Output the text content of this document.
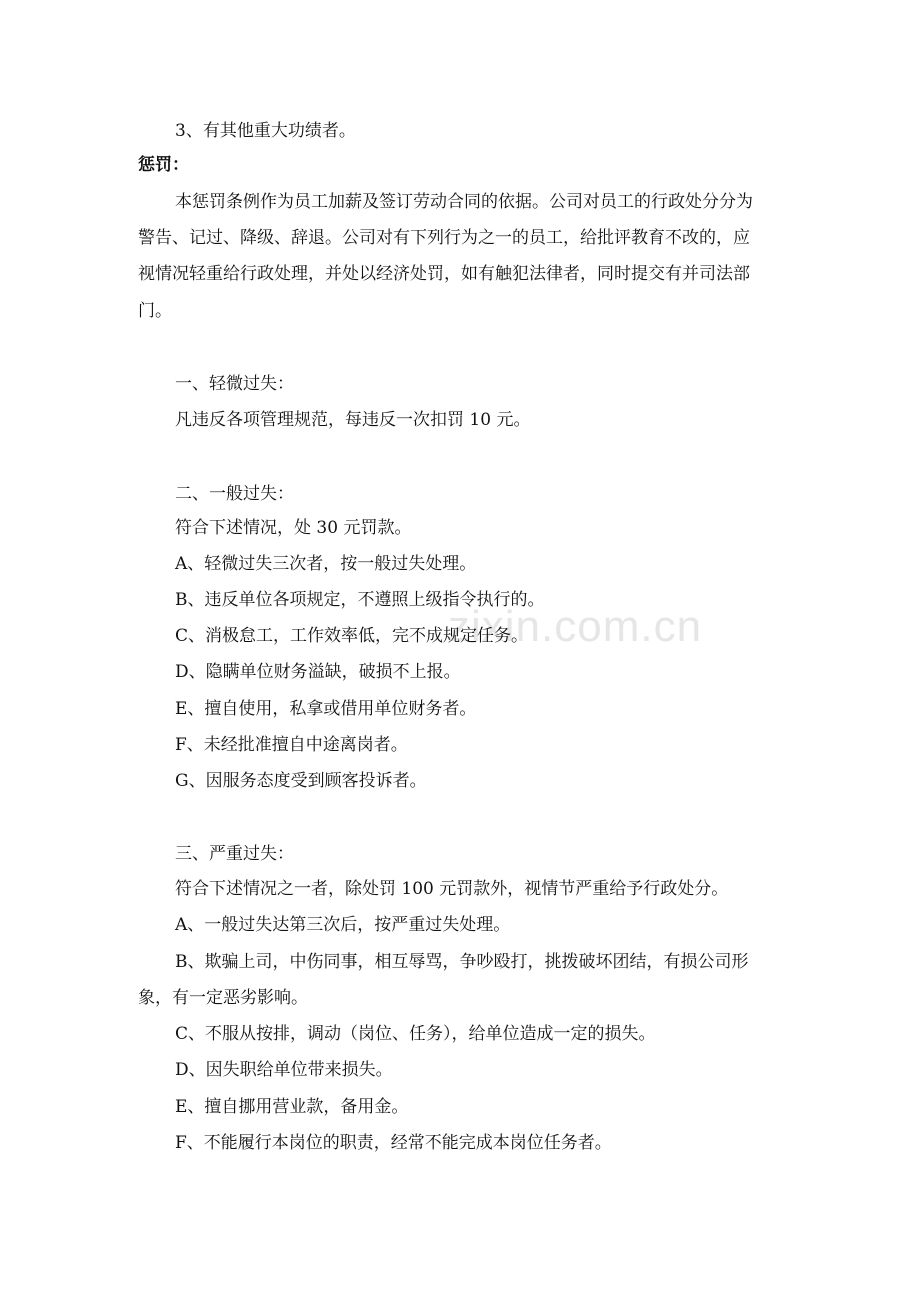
zixin.com.cn
3、有其他重大功绩者。
惩罚：
本惩罚条例作为员工加薪及签订劳动合同的依据。公司对员工的行政处分分为
警告、记过、降级、辞退。公司对有下列行为之一的员工，给批评教育不改的，应
视情况轻重给行政处理，并处以经济处罚，如有触犯法律者，同时提交有并司法部
门。
一、轻微过失：
凡违反各项管理规范，每违反一次扣罚 10 元。
二、一般过失：
符合下述情况，处 30 元罚款。
A、轻微过失三次者，按一般过失处理。
B、违反单位各项规定，不遵照上级指令执行的。
C、消极怠工，工作效率低，完不成规定任务。
D、隐瞒单位财务溢缺，破损不上报。
E、擅自使用，私拿或借用单位财务者。
F、未经批准擅自中途离岗者。
G、因服务态度受到顾客投诉者。
三、严重过失：
符合下述情况之一者，除处罚 100 元罚款外，视情节严重给予行政处分。
A、一般过失达第三次后，按严重过失处理。
B、欺骗上司，中伤同事，相互辱骂，争吵殴打，挑拨破坏团结，有损公司形
象，有一定恶劣影响。
C、不服从按排，调动（岗位、任务），给单位造成一定的损失。
D、因失职给单位带来损失。
E、擅自挪用营业款，备用金。
F、不能履行本岗位的职责，经常不能完成本岗位任务者。
